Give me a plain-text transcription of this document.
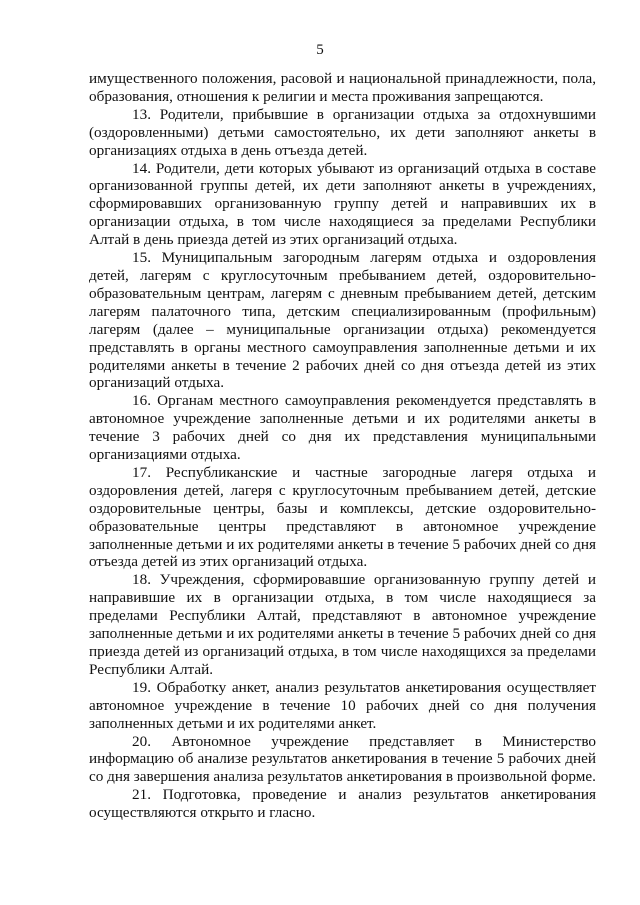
5

имущественного положения, расовой и национальной принадлежности, пола, образования, отношения к религии и места проживания запрещаются.

13. Родители, прибывшие в организации отдыха за отдохнувшими (оздоровленными) детьми самостоятельно, их дети заполняют анкеты в организациях отдыха в день отъезда детей.

14. Родители, дети которых убывают из организаций отдыха в составе организованной группы детей, их дети заполняют анкеты в учреждениях, сформировавших организованную группу детей и направивших их в организации отдыха, в том числе находящиеся за пределами Республики Алтай в день приезда детей из этих организаций отдыха.

15. Муниципальным загородным лагерям отдыха и оздоровления детей, лагерям с круглосуточным пребыванием детей, оздоровительно-образовательным центрам, лагерям с дневным пребыванием детей, детским лагерям палаточного типа, детским специализированным (профильным) лагерям (далее – муниципальные организации отдыха) рекомендуется представлять в органы местного самоуправления заполненные детьми и их родителями анкеты в течение 2 рабочих дней со дня отъезда детей из этих организаций отдыха.

16. Органам местного самоуправления рекомендуется представлять в автономное учреждение заполненные детьми и их родителями анкеты в течение 3 рабочих дней со дня их представления муниципальными организациями отдыха.

17. Республиканские и частные загородные лагеря отдыха и оздоровления детей, лагеря с круглосуточным пребыванием детей, детские оздоровительные центры, базы и комплексы, детские оздоровительно-образовательные центры представляют в автономное учреждение заполненные детьми и их родителями анкеты в течение 5 рабочих дней со дня отъезда детей из этих организаций отдыха.

18. Учреждения, сформировавшие организованную группу детей и направившие их в организации отдыха, в том числе находящиеся за пределами Республики Алтай, представляют в автономное учреждение заполненные детьми и их родителями анкеты в течение 5 рабочих дней со дня приезда детей из организаций отдыха, в том числе находящихся за пределами Республики Алтай.

19. Обработку анкет, анализ результатов анкетирования осуществляет автономное учреждение в течение 10 рабочих дней со дня получения заполненных детьми и их родителями анкет.

20. Автономное учреждение представляет в Министерство информацию об анализе результатов анкетирования в течение 5 рабочих дней со дня завершения анализа результатов анкетирования в произвольной форме.

21. Подготовка, проведение и анализ результатов анкетирования осуществляются открыто и гласно.
